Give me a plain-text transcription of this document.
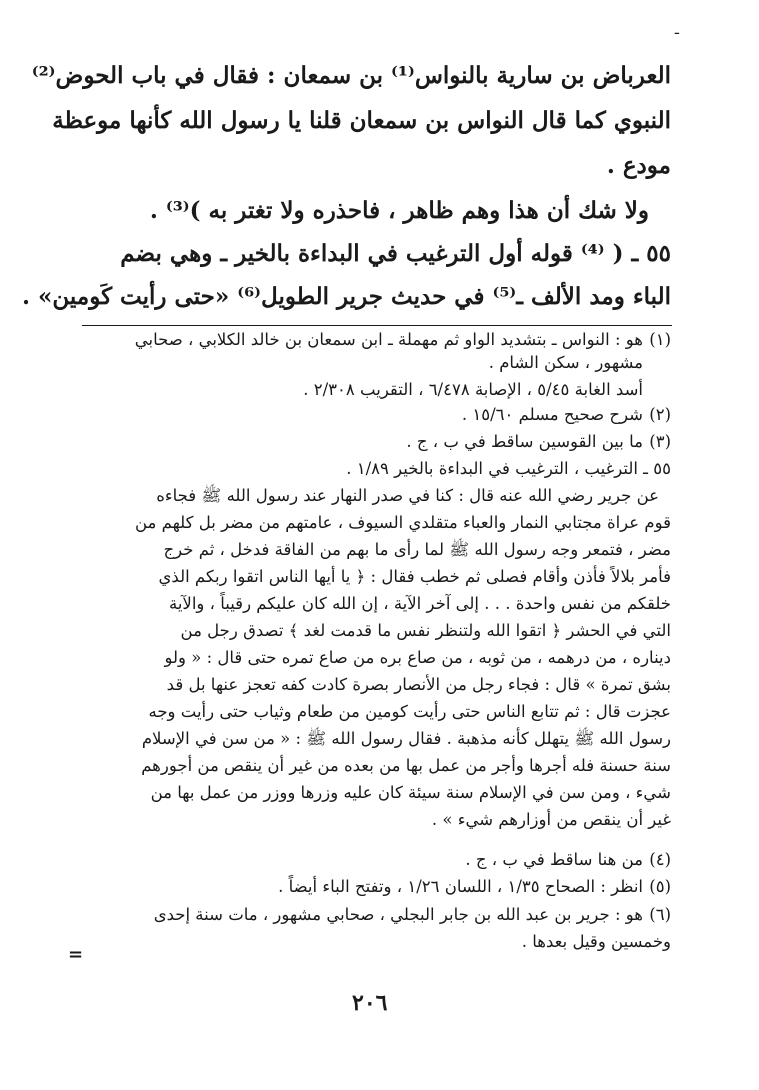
ـ
العرباض بن سارية بالنواس⁽¹⁾ بن سمعان : فقال في باب الحوض⁽²⁾
النبوي كما قال النواس بن سمعان قلنا يا رسول الله كأنها موعظة
مودع .
ولا شك أن هذا وهم ظاهر ، فاحذره ولا تغتر به )⁽³⁾ .
٥٥ ـ ( ⁽⁴⁾ قوله أول الترغيب في البداءة بالخير ـ وهي بضم
الباء ومد الألف ـ⁽⁵⁾ في حديث جرير الطويل⁽⁶⁾ «حتى رأيت كَومين» .
(١)
هو : النواس ـ بتشديد الواو ثم مهملة ـ ابن سمعان بن خالد الكلابي ، صحابي
مشهور ، سكن الشام .
أسد الغابة ٥/٤٥ ، الإصابة ٦/٤٧٨ ، التقريب ٢/٣٠٨ .
(٢)
شرح صحيح مسلم ١٥/٦٠ .
(٣)
ما بين القوسين ساقط في ب ، ج .
٥٥ ـ الترغيب ، الترغيب في البداءة بالخير ١/٨٩ .
عن جرير رضي الله عنه قال : كنا في صدر النهار عند رسول الله ﷺ فجاءه
قوم عراة مجتابي النمار والعباء متقلدي السيوف ، عامتهم من مضر بل كلهم من
مضر ، فتمعر وجه رسول الله ﷺ لما رأى ما بهم من الفاقة فدخل ، ثم خرج
فأمر بلالاً فأذن وأقام فصلى ثم خطب فقال : ﴿ يا أيها الناس اتقوا ربكم الذي
خلقكم من نفس واحدة . . . إلى آخر الآية ، إن الله كان عليكم رقيباً ، والآية
التي في الحشر ﴿ اتقوا الله ولتنظر نفس ما قدمت لغد ﴾ تصدق رجل من
ديناره ، من درهمه ، من ثوبه ، من صاع بره من صاع تمره حتى قال : « ولو
بشق تمرة » قال : فجاء رجل من الأنصار بصرة كادت كفه تعجز عنها بل قد
عجزت قال : ثم تتابع الناس حتى رأيت كومين من طعام وثياب حتى رأيت وجه
رسول الله ﷺ يتهلل كأنه مذهبة . فقال رسول الله ﷺ : « من سن في الإسلام
سنة حسنة فله أجرها وأجر من عمل بها من بعده من غير أن ينقص من أجورهم
شيء ، ومن سن في الإسلام سنة سيئة كان عليه وزرها ووزر من عمل بها من
غير أن ينقص من أوزارهم شيء » .
(٤)
من هنا ساقط في ب ، ج .
(٥)
انظر : الصحاح ١/٣٥ ، اللسان ١/٢٦ ، وتفتح الباء أيضاً .
(٦)
هو : جرير بن عبد الله بن جابر البجلي ، صحابي مشهور ، مات سنة إحدى
وخمسين وقيل بعدها .
=
٢٠٦
